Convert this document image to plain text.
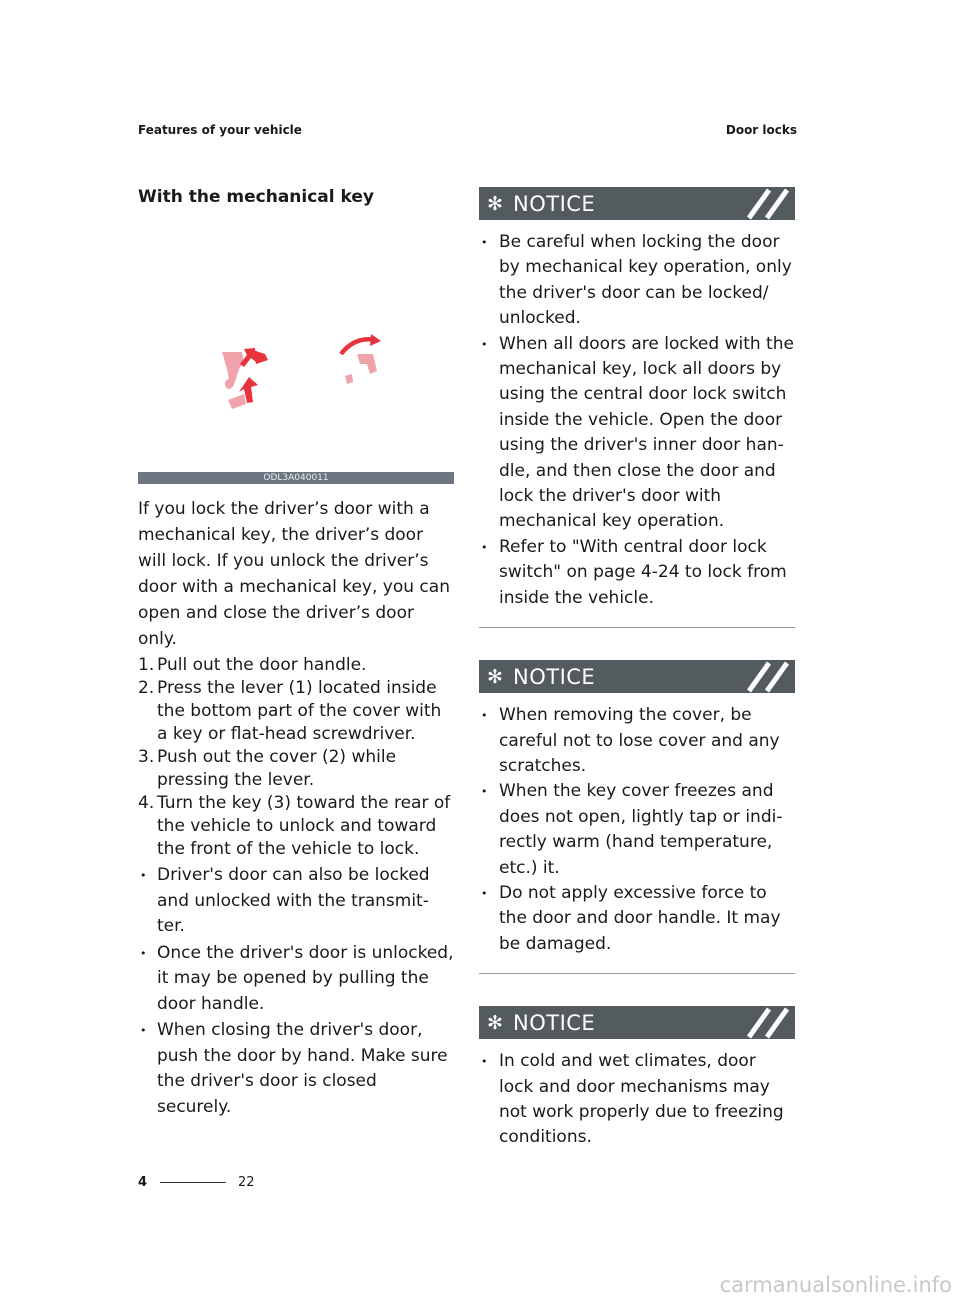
Features of your vehicle	Door locks
With the mechanical key
ODL3A040011

If you lock the driver’s door with a mechanical key, the driver’s door will lock. If you unlock the driver’s door with a mechanical key, you can open and close the driver’s door only.

1. Pull out the door handle.
2. Press the lever (1) located inside the bottom part of the cover with a key or flat-head screwdriver.
3. Push out the cover (2) while pressing the lever.
4. Turn the key (3) toward the rear of the vehicle to unlock and toward the front of the vehicle to lock.
• Driver's door can also be locked and unlocked with the transmit-ter.
• Once the driver's door is unlocked, it may be opened by pulling the door handle.
• When closing the driver's door, push the door by hand. Make sure the driver's door is closed securely.
✻ NOTICE
• Be careful when locking the door by mechanical key operation, only the driver's door can be locked/ unlocked.
• When all doors are locked with the mechanical key, lock all doors by using the central door lock switch inside the vehicle. Open the door using the driver's inner door han-dle, and then close the door and lock the driver's door with mechanical key operation.
• Refer to "With central door lock switch" on page 4-24 to lock from inside the vehicle.
✻ NOTICE
• When removing the cover, be careful not to lose cover and any scratches.
• When the key cover freezes and does not open, lightly tap or indi-rectly warm (hand temperature, etc.) it.
• Do not apply excessive force to the door and door handle. It may be damaged.
✻ NOTICE
• In cold and wet climates, door lock and door mechanisms may not work properly due to freezing conditions.
4	22
carmanualsonline.info
